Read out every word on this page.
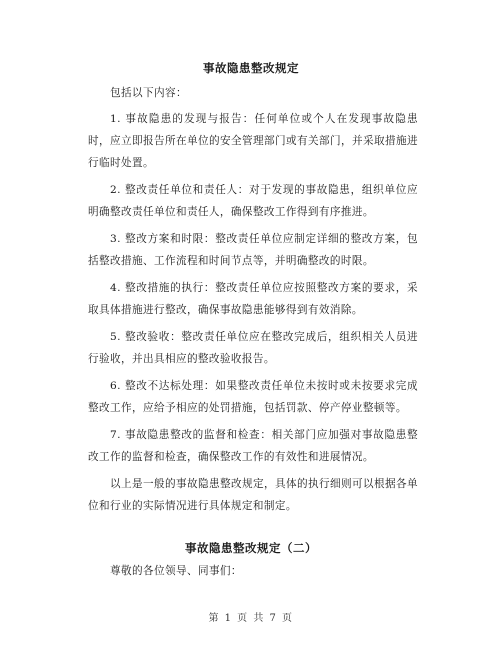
事故隐患整改规定
包括以下内容：

1. 事故隐患的发现与报告：任何单位或个人在发现事故隐患时，应立即报告所在单位的安全管理部门或有关部门，并采取措施进行临时处置。

2. 整改责任单位和责任人：对于发现的事故隐患，组织单位应明确整改责任单位和责任人，确保整改工作得到有序推进。

3. 整改方案和时限：整改责任单位应制定详细的整改方案，包括整改措施、工作流程和时间节点等，并明确整改的时限。

4. 整改措施的执行：整改责任单位应按照整改方案的要求，采取具体措施进行整改，确保事故隐患能够得到有效消除。

5. 整改验收：整改责任单位应在整改完成后，组织相关人员进行验收，并出具相应的整改验收报告。

6. 整改不达标处理：如果整改责任单位未按时或未按要求完成整改工作，应给予相应的处罚措施，包括罚款、停产停业整顿等。

7. 事故隐患整改的监督和检查：相关部门应加强对事故隐患整改工作的监督和检查，确保整改工作的有效性和进展情况。

以上是一般的事故隐患整改规定，具体的执行细则可以根据各单位和行业的实际情况进行具体规定和制定。

事故隐患整改规定（二）
尊敬的各位领导、同事们：
第 1 页 共 7 页
